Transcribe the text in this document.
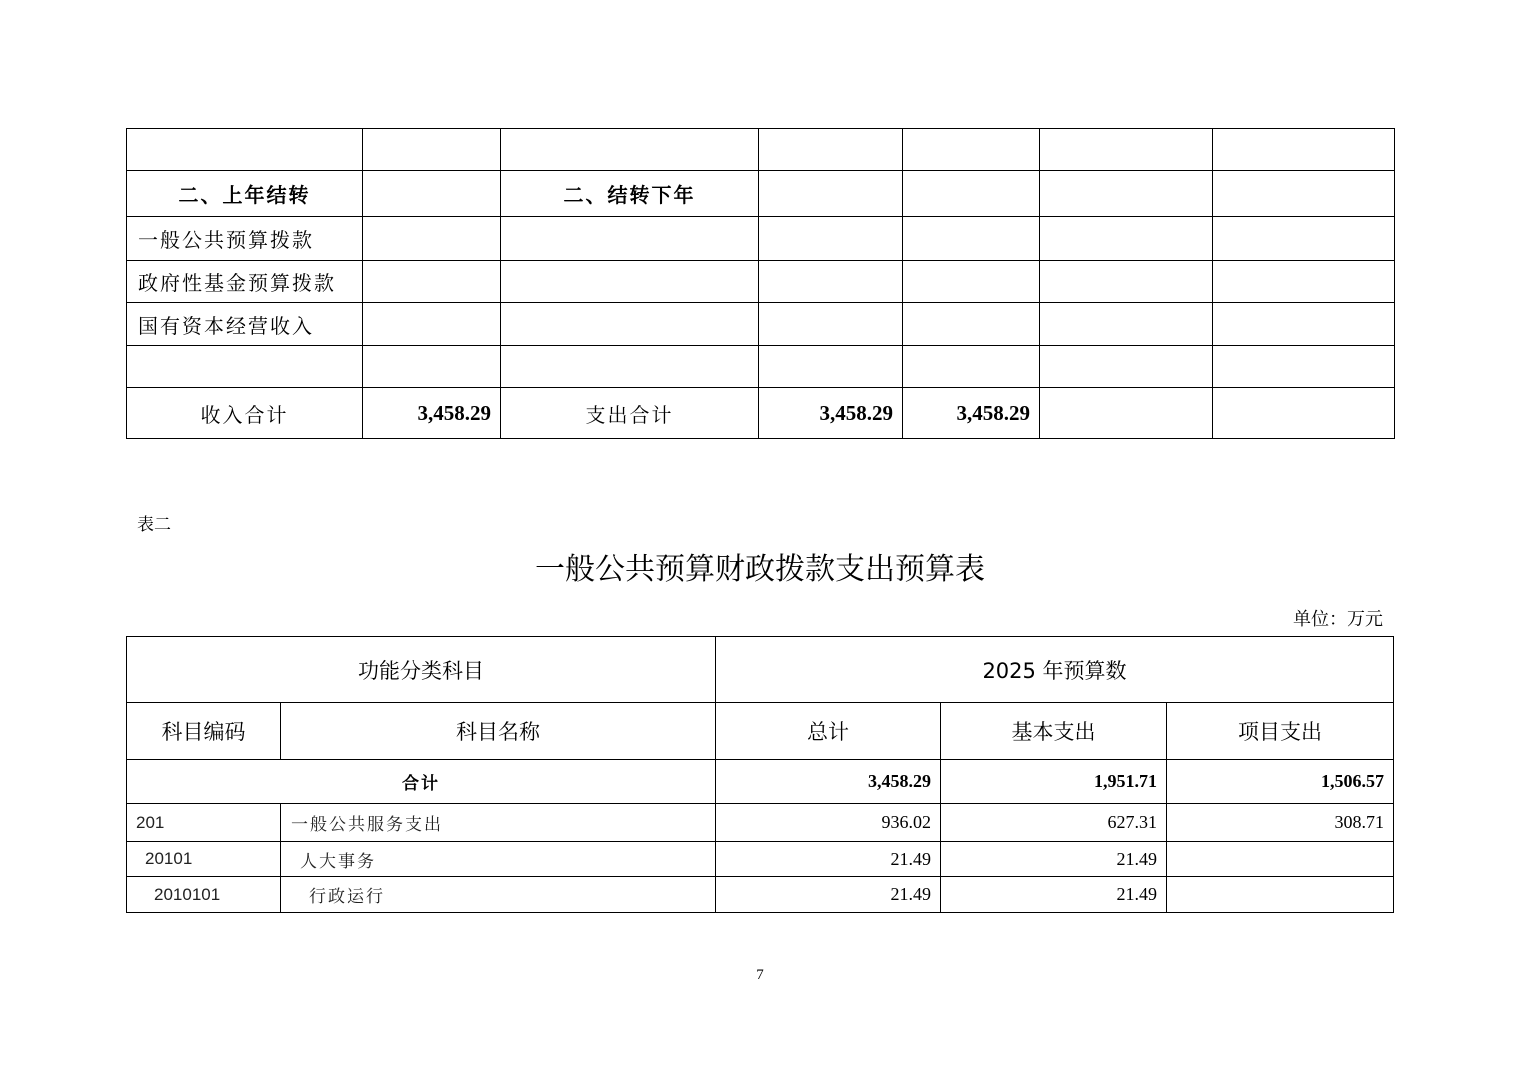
二、上年结转		二、结转下年				
一般公共预算拨款						
政府性基金预算拨款						
国有资本经营收入						

收入合计	3,458.29	支出合计	3,458.29	3,458.29		
表二
一般公共预算财政拨款支出预算表
单位：万元
功能分类科目		2025 年预算数		
科目编码	科目名称	总计	基本支出	项目支出
合计		3,458.29	1,951.71	1,506.57
201	一般公共服务支出	936.02	627.31	308.71
20101	人大事务	21.49	21.49	
2010101	行政运行	21.49	21.49	
7
